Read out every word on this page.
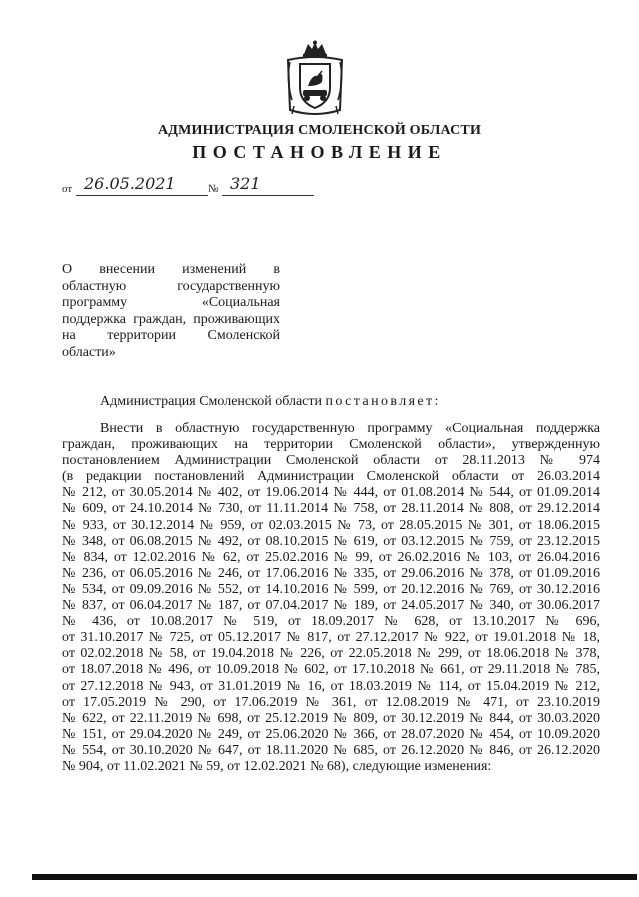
АДМИНИСТРАЦИЯ СМОЛЕНСКОЙ ОБЛАСТИ
ПОСТАНОВЛЕНИЕ
от 26.05.2021	№ 321
О внесении изменений в
областную государственную
программу «Социальная
поддержка граждан, проживающих
на территории Смоленской
области»
Администрация Смоленской области постановляет:
Внести в областную государственную программу «Социальная поддержка
граждан, проживающих на территории Смоленской области», утвержденную
постановлением Администрации Смоленской области от 28.11.2013 № 974
(в редакции постановлений Администрации Смоленской области от 26.03.2014
№ 212, от 30.05.2014 № 402, от 19.06.2014 № 444, от 01.08.2014 № 544, от 01.09.2014
№ 609, от 24.10.2014 № 730, от 11.11.2014 № 758, от 28.11.2014 № 808, от 29.12.2014
№ 933, от 30.12.2014 № 959, от 02.03.2015 № 73, от 28.05.2015 № 301, от 18.06.2015
№ 348, от 06.08.2015 № 492, от 08.10.2015 № 619, от 03.12.2015 № 759, от 23.12.2015
№ 834, от 12.02.2016 № 62, от 25.02.2016 № 99, от 26.02.2016 № 103, от 26.04.2016
№ 236, от 06.05.2016 № 246, от 17.06.2016 № 335, от 29.06.2016 № 378, от 01.09.2016
№ 534, от 09.09.2016 № 552, от 14.10.2016 № 599, от 20.12.2016 № 769, от 30.12.2016
№ 837, от 06.04.2017 № 187, от 07.04.2017 № 189, от 24.05.2017 № 340, от 30.06.2017
№ 436, от 10.08.2017 № 519, от 18.09.2017 № 628, от 13.10.2017 № 696,
от 31.10.2017 № 725, от 05.12.2017 № 817, от 27.12.2017 № 922, от 19.01.2018 № 18,
от 02.02.2018 № 58, от 19.04.2018 № 226, от 22.05.2018 № 299, от 18.06.2018 № 378,
от 18.07.2018 № 496, от 10.09.2018 № 602, от 17.10.2018 № 661, от 29.11.2018 № 785,
от 27.12.2018 № 943, от 31.01.2019 № 16, от 18.03.2019 № 114, от 15.04.2019 № 212,
от 17.05.2019 № 290, от 17.06.2019 № 361, от 12.08.2019 № 471, от 23.10.2019
№ 622, от 22.11.2019 № 698, от 25.12.2019 № 809, от 30.12.2019 № 844, от 30.03.2020
№ 151, от 29.04.2020 № 249, от 25.06.2020 № 366, от 28.07.2020 № 454, от 10.09.2020
№ 554, от 30.10.2020 № 647, от 18.11.2020 № 685, от 26.12.2020 № 846, от 26.12.2020
№ 904, от 11.02.2021 № 59, от 12.02.2021 № 68), следующие изменения:
